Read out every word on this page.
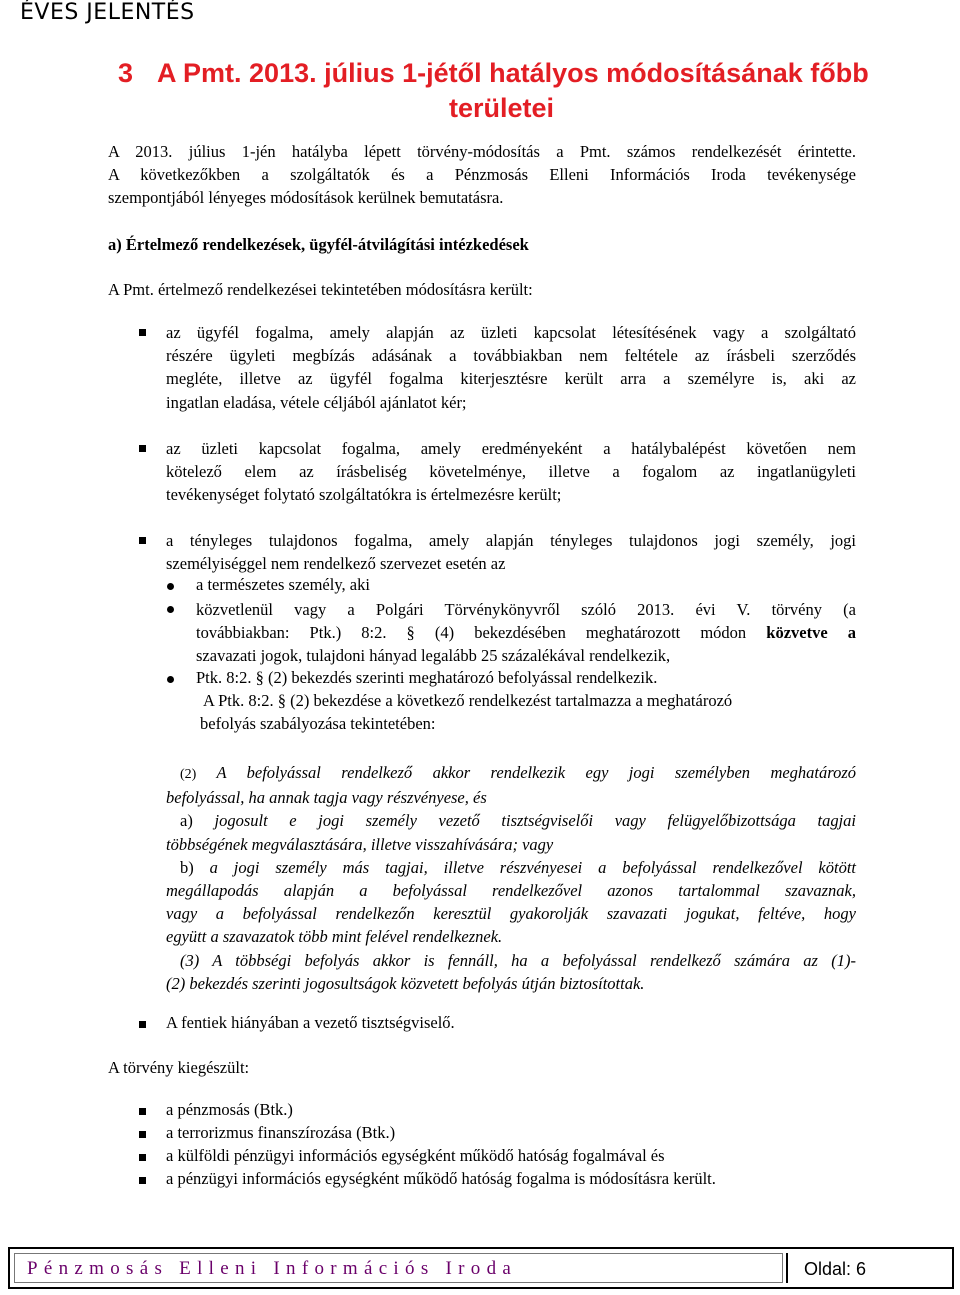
ÉVES JELENTÉS
3 A Pmt. 2013. július 1-jétől hatályos módosításának főbb
területei
A 2013. július 1-jén hatályba lépett törvény-módosítás a Pmt. számos rendelkezését érintette.
A következőkben a szolgáltatók és a Pénzmosás Elleni Információs Iroda tevékenysége
szempontjából lényeges módosítások kerülnek bemutatásra.
a) Értelmező rendelkezések, ügyfél-átvilágítási intézkedések
A Pmt. értelmező rendelkezései tekintetében módosításra került:
az ügyfél fogalma, amely alapján az üzleti kapcsolat létesítésének vagy a szolgáltató
részére ügyleti megbízás adásának a továbbiakban nem feltétele az írásbeli szerződés
megléte, illetve az ügyfél fogalma kiterjesztésre került arra a személyre is, aki az
ingatlan eladása, vétele céljából ajánlatot kér;
az üzleti kapcsolat fogalma, amely eredményeként a hatálybalépést követően nem
kötelező elem az írásbeliség követelménye, illetve a fogalom az ingatlanügyleti
tevékenységet folytató szolgáltatókra is értelmezésre került;
a tényleges tulajdonos fogalma, amely alapján tényleges tulajdonos jogi személy, jogi
személyiséggel nem rendelkező szervezet esetén az
a természetes személy, aki
közvetlenül vagy a Polgári Törvénykönyvről szóló 2013. évi V. törvény (a
továbbiakban: Ptk.) 8:2. § (4) bekezdésében meghatározott módon közvetve a
szavazati jogok, tulajdoni hányad legalább 25 százalékával rendelkezik,
Ptk. 8:2. § (2) bekezdés szerinti meghatározó befolyással rendelkezik.
A Ptk. 8:2. § (2) bekezdése a következő rendelkezést tartalmazza a meghatározó
befolyás szabályozása tekintetében:
(2) A befolyással rendelkező akkor rendelkezik egy jogi személyben meghatározó
befolyással, ha annak tagja vagy részvényese, és
a) jogosult e jogi személy vezető tisztségviselői vagy felügyelőbizottsága tagjai
többségének megválasztására, illetve visszahívására; vagy
b) a jogi személy más tagjai, illetve részvényesei a befolyással rendelkezővel kötött
megállapodás alapján a befolyással rendelkezővel azonos tartalommal szavaznak,
vagy a befolyással rendelkezőn keresztül gyakorolják szavazati jogukat, feltéve, hogy
együtt a szavazatok több mint felével rendelkeznek.
(3) A többségi befolyás akkor is fennáll, ha a befolyással rendelkező számára az (1)-
(2) bekezdés szerinti jogosultságok közvetett befolyás útján biztosítottak.
A fentiek hiányában a vezető tisztségviselő.
A törvény kiegészült:
a pénzmosás (Btk.)
a terrorizmus finanszírozása (Btk.)
a külföldi pénzügyi információs egységként működő hatóság fogalmával és
a pénzügyi információs egységként működő hatóság fogalma is módosításra került.
Pénzmosás Elleni Információs Iroda	Oldal: 6
